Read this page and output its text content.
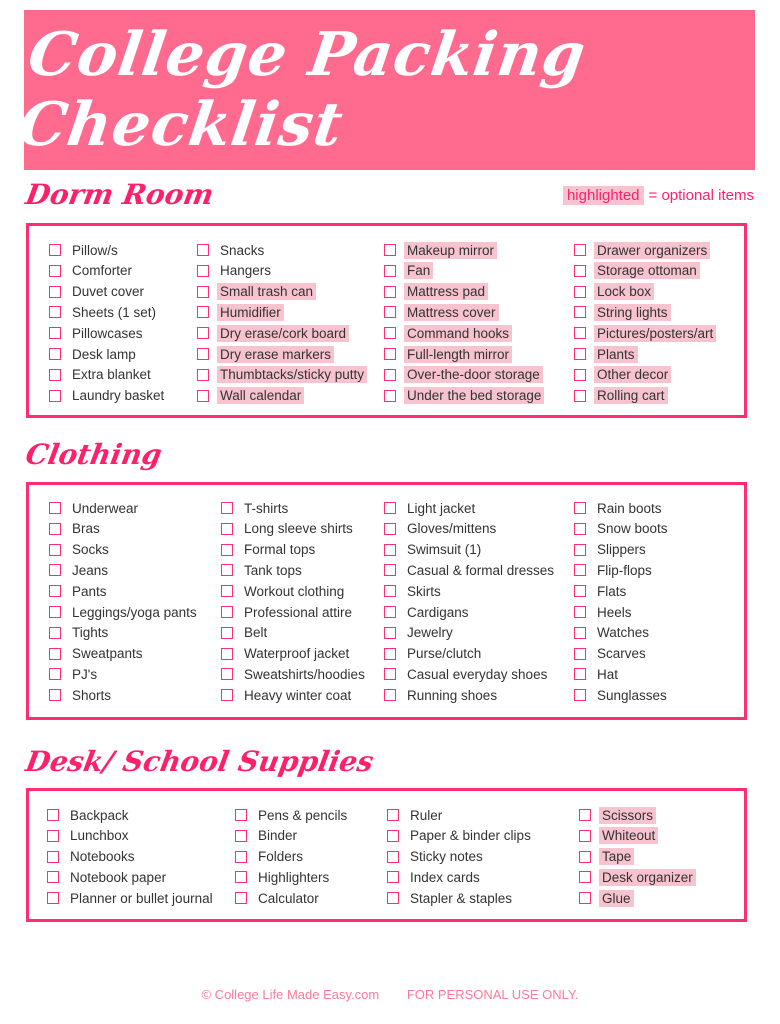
College Packing Checklist
Dorm Room	highlighted = optional items
Pillow/s
Comforter
Duvet cover
Sheets (1 set)
Pillowcases
Desk lamp
Extra blanket
Laundry basket
Snacks
Hangers
Small trash can
Humidifier
Dry erase/cork board
Dry erase markers
Thumbtacks/sticky putty
Wall calendar
Makeup mirror
Fan
Mattress pad
Mattress cover
Command hooks
Full-length mirror
Over-the-door storage
Under the bed storage
Drawer organizers
Storage ottoman
Lock box
String lights
Pictures/posters/art
Plants
Other decor
Rolling cart
Clothing
Underwear
Bras
Socks
Jeans
Pants
Leggings/yoga pants
Tights
Sweatpants
PJ's
Shorts
T-shirts
Long sleeve shirts
Formal tops
Tank tops
Workout clothing
Professional attire
Belt
Waterproof jacket
Sweatshirts/hoodies
Heavy winter coat
Light jacket
Gloves/mittens
Swimsuit (1)
Casual & formal dresses
Skirts
Cardigans
Jewelry
Purse/clutch
Casual everyday shoes
Running shoes
Rain boots
Snow boots
Slippers
Flip-flops
Flats
Heels
Watches
Scarves
Hat
Sunglasses
Desk/ School Supplies
Backpack
Lunchbox
Notebooks
Notebook paper
Planner or bullet journal
Pens & pencils
Binder
Folders
Highlighters
Calculator
Ruler
Paper & binder clips
Sticky notes
Index cards
Stapler & staples
Scissors
Whiteout
Tape
Desk organizer
Glue
© College Life Made Easy.com FOR PERSONAL USE ONLY.
